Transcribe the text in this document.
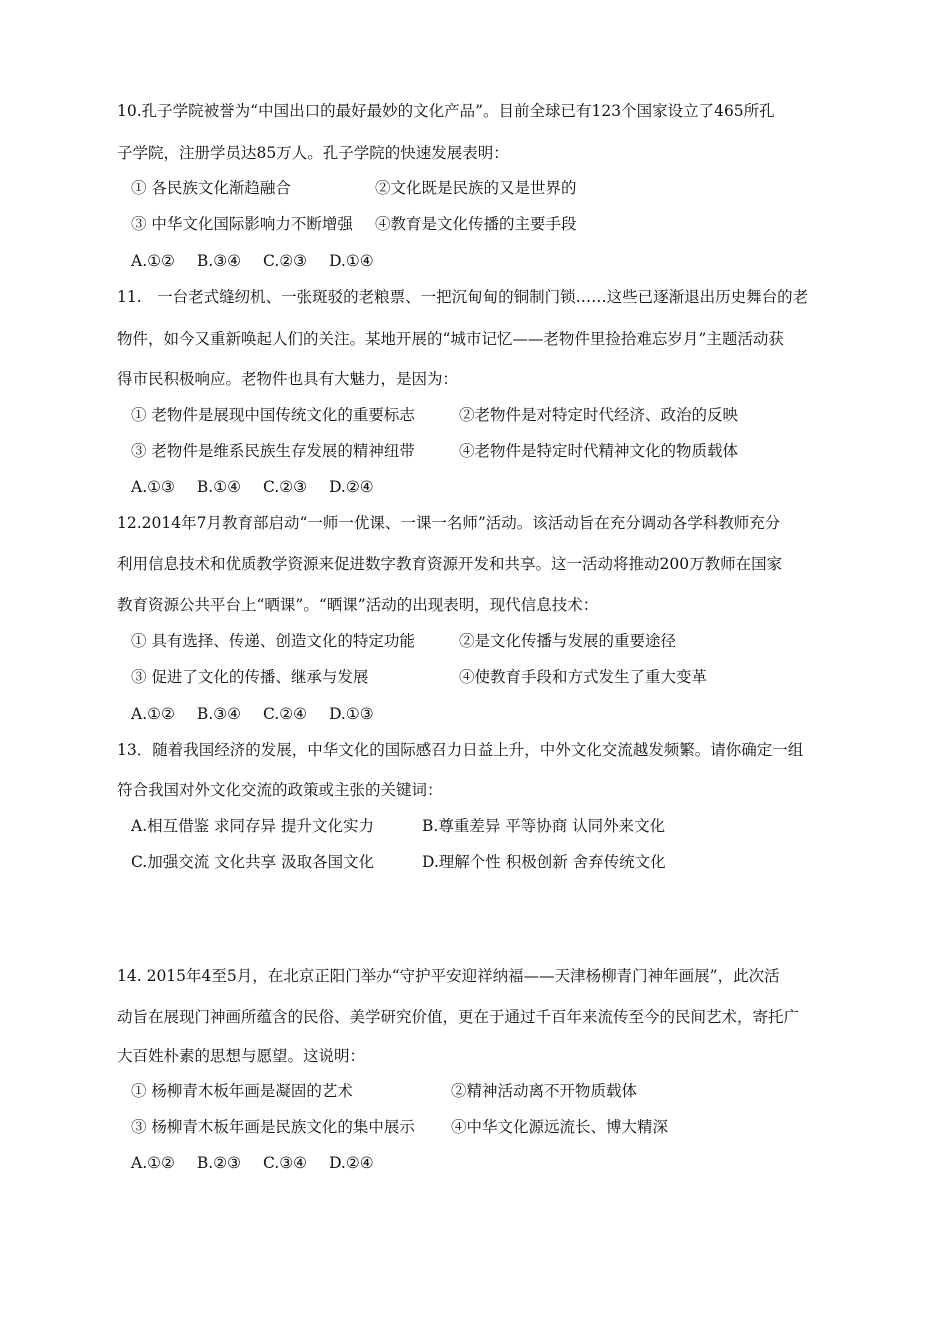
10.孔子学院被誉为“中国出口的最好最妙的文化产品”。目前全球已有123个国家设立了465所孔
子学院，注册学员达85万人。孔子学院的快速发展表明：
① 各民族文化渐趋融合	②文化既是民族的又是世界的
③ 中华文化国际影响力不断增强 ④教育是文化传播的主要手段
A.①② B.③④ C.②③ D.①④
11.　一台老式缝纫机、一张斑驳的老粮票、一把沉甸甸的铜制门锁……这些已逐渐退出历史舞台的老
物件，如今又重新唤起人们的关注。某地开展的“城市记忆——老物件里捡拾难忘岁月”主题活动获
得市民积极响应。老物件也具有大魅力，是因为：
① 老物件是展现中国传统文化的重要标志	②老物件是对特定时代经济、政治的反映
③ 老物件是维系民族生存发展的精神纽带	④老物件是特定时代精神文化的物质载体
A.①③ B.①④ C.②③ D.②④
12.2014年7月教育部启动“一师一优课、一课一名师”活动。该活动旨在充分调动各学科教师充分
利用信息技术和优质教学资源来促进数字教育资源开发和共享。这一活动将推动200万教师在国家
教育资源公共平台上“晒课”。“晒课”活动的出现表明，现代信息技术：
① 具有选择、传递、创造文化的特定功能	②是文化传播与发展的重要途径
③ 促进了文化的传播、继承与发展	④使教育手段和方式发生了重大变革
A.①② B.③④ C.②④ D.①③
13．随着我国经济的发展，中华文化的国际感召力日益上升，中外文化交流越发频繁。请你确定一组
符合我国对外文化交流的政策或主张的关键词：
A.相互借鉴 求同存异 提升文化实力	B.尊重差异 平等协商 认同外来文化
C.加强交流 文化共享 汲取各国文化	D.理解个性 积极创新 舍弃传统文化
14. 2015年4至5月，在北京正阳门举办“守护平安迎祥纳福——天津杨柳青门神年画展”，此次活
动旨在展现门神画所蕴含的民俗、美学研究价值，更在于通过千百年来流传至今的民间艺术，寄托广
大百姓朴素的思想与愿望。这说明：
① 杨柳青木板年画是凝固的艺术	②精神活动离不开物质载体
③ 杨柳青木板年画是民族文化的集中展示 ④中华文化源远流长、博大精深
A.①② B.②③ C.③④ D.②④
